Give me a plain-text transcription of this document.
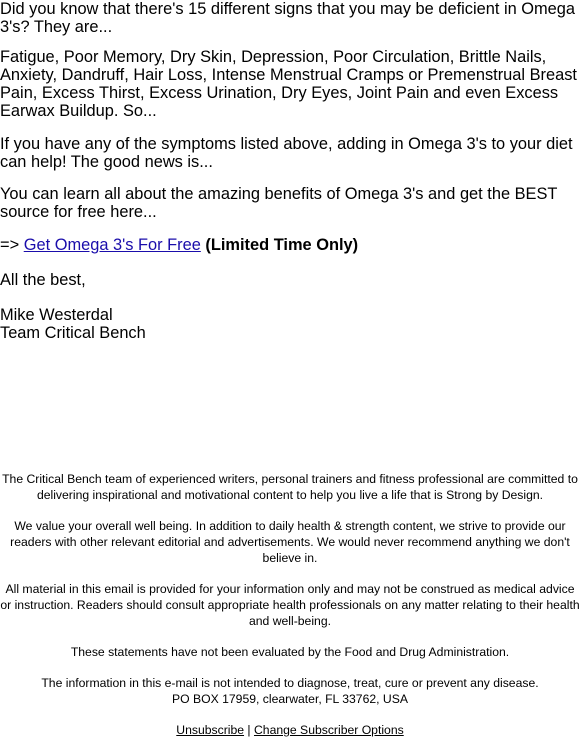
Did you know that there's 15 different signs that you may be deficient in Omega 3's? They are...

Fatigue, Poor Memory, Dry Skin, Depression, Poor Circulation, Brittle Nails, Anxiety, Dandruff, Hair Loss, Intense Menstrual Cramps or Premenstrual Breast Pain, Excess Thirst, Excess Urination, Dry Eyes, Joint Pain and even Excess Earwax Buildup. So...

If you have any of the symptoms listed above, adding in Omega 3's to your diet can help! The good news is...

You can learn all about the amazing benefits of Omega 3's and get the BEST source for free here...

=> Get Omega 3's For Free (Limited Time Only)

All the best,

Mike Westerdal
Team Critical Bench

The Critical Bench team of experienced writers, personal trainers and fitness professional are committed to delivering inspirational and motivational content to help you live a life that is Strong by Design.

We value your overall well being. In addition to daily health & strength content, we strive to provide our readers with other relevant editorial and advertisements. We would never recommend anything we don't believe in.

All material in this email is provided for your information only and may not be construed as medical advice or instruction. Readers should consult appropriate health professionals on any matter relating to their health and well-being.

These statements have not been evaluated by the Food and Drug Administration.

The information in this e-mail is not intended to diagnose, treat, cure or prevent any disease.
PO BOX 17959, clearwater, FL 33762, USA

Unsubscribe | Change Subscriber Options
